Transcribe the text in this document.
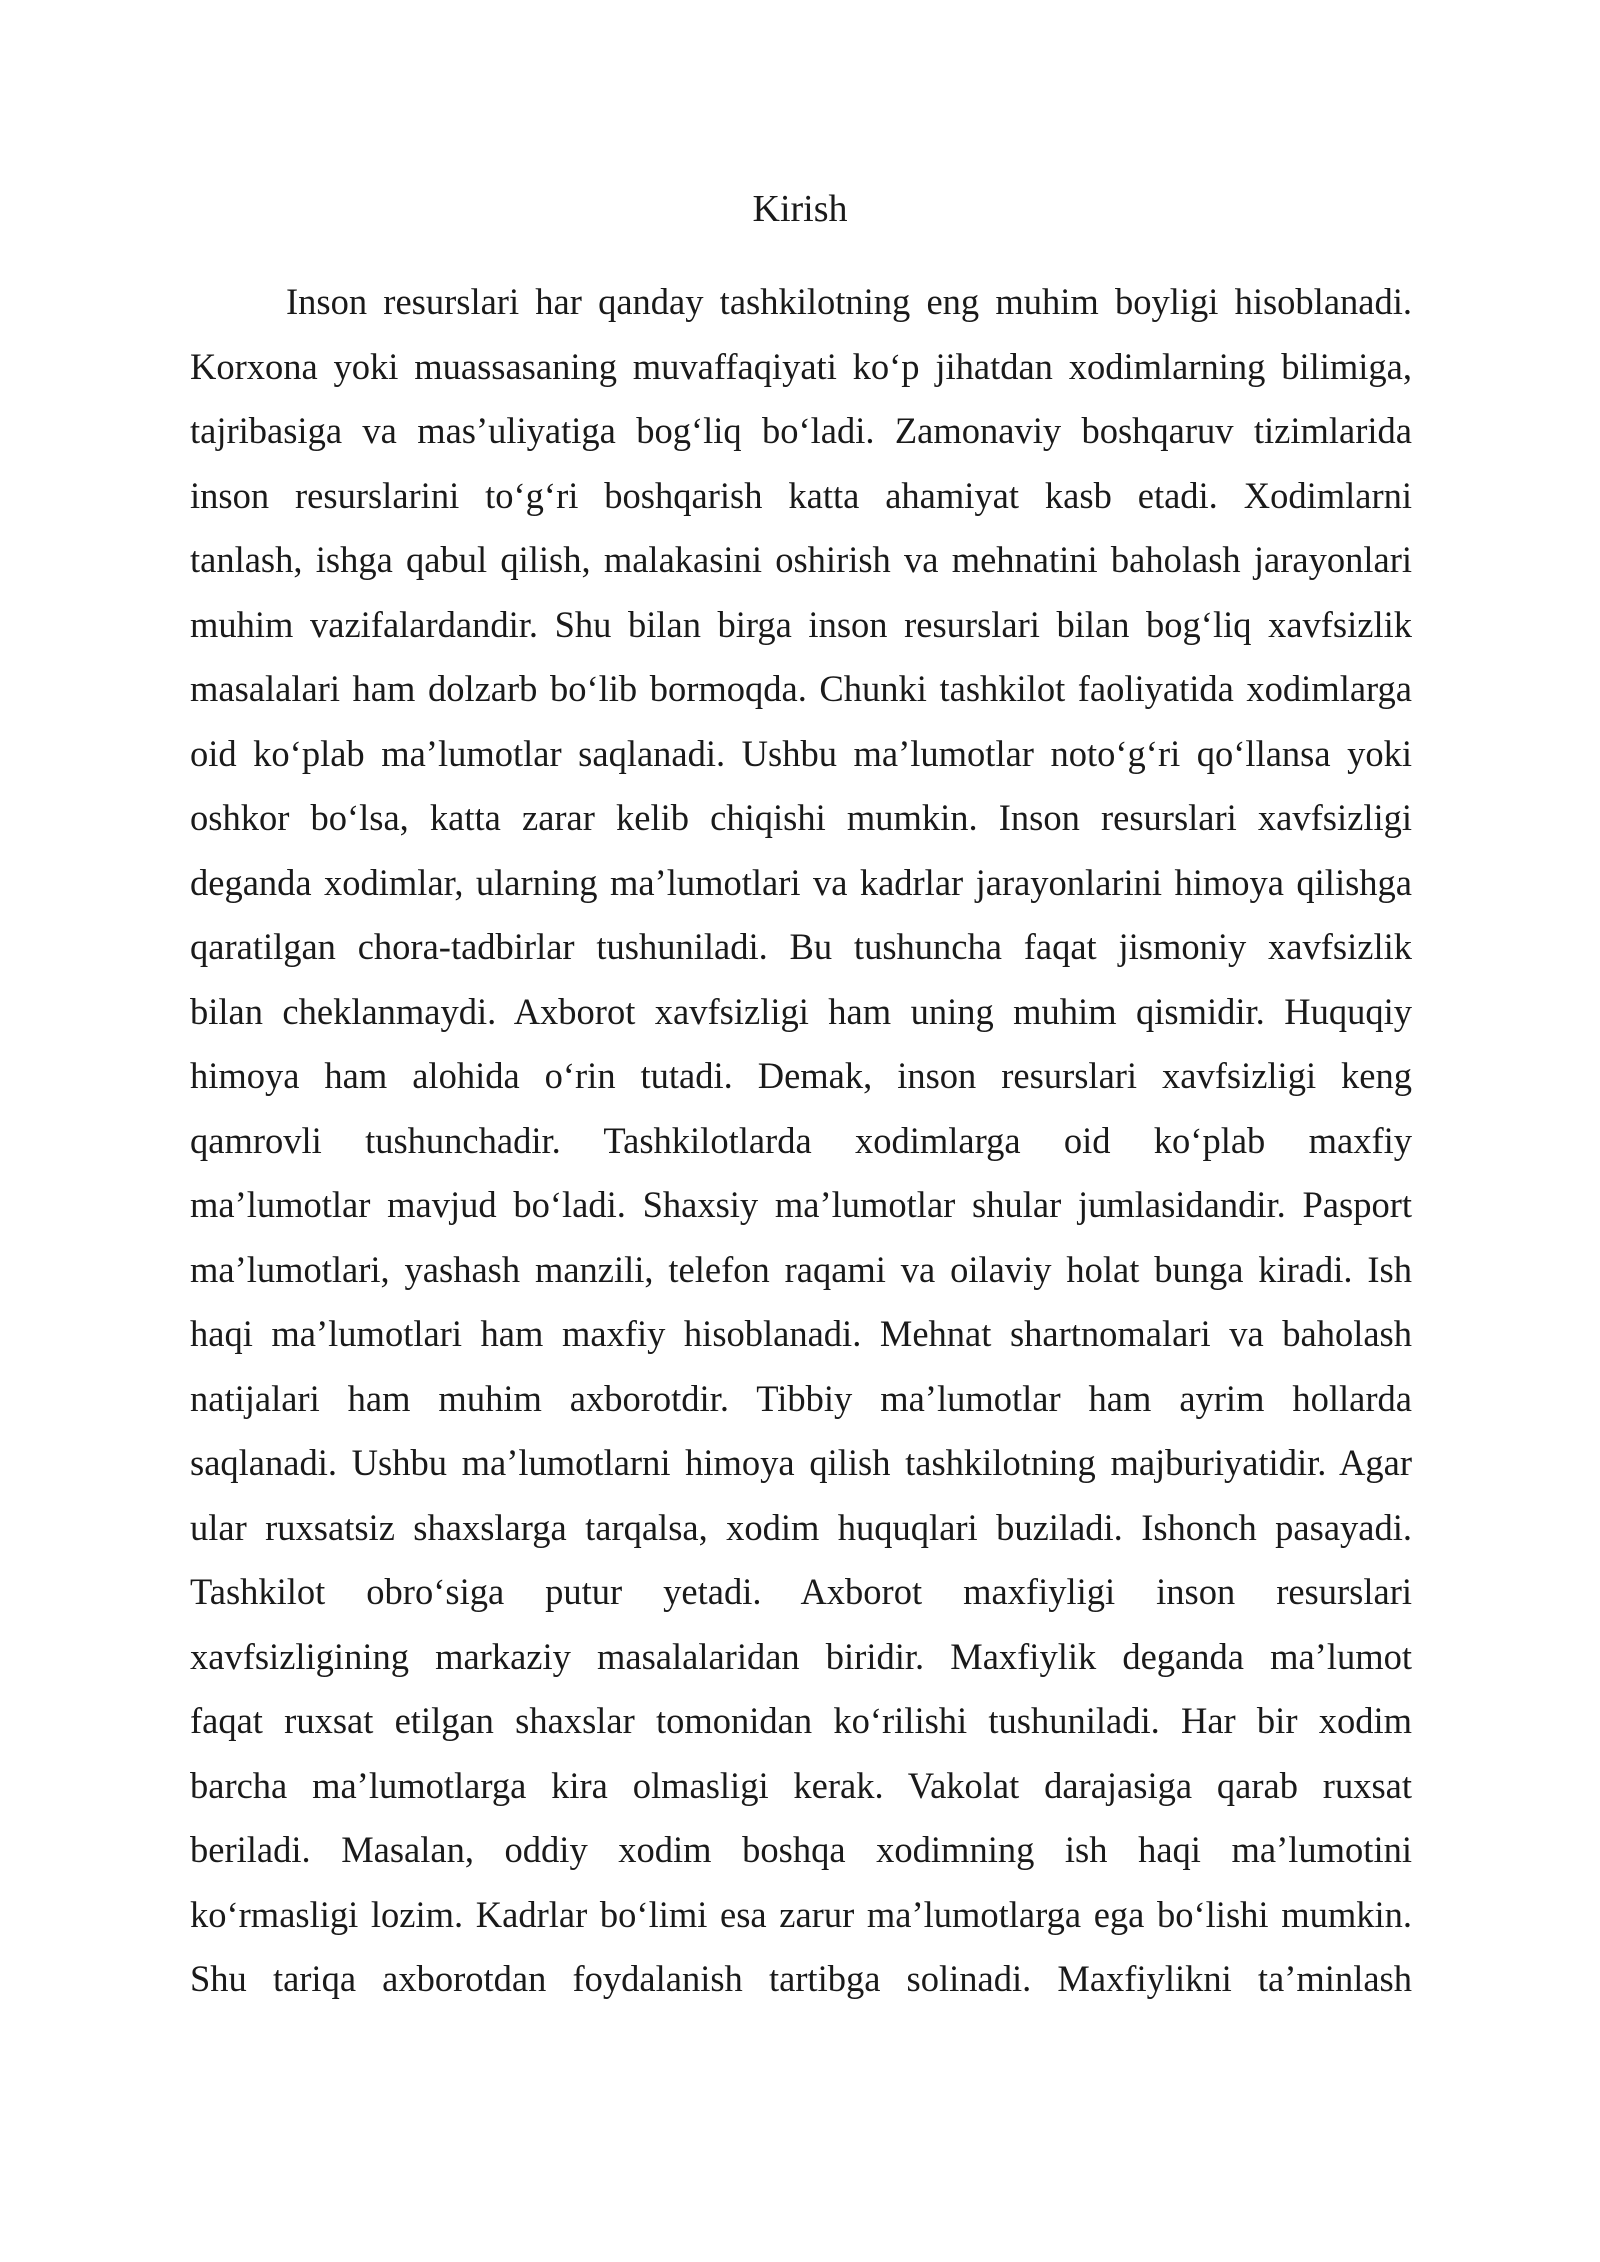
Kirish
Inson resurslari har qanday tashkilotning eng muhim boyligi hisoblanadi.
Korxona yoki muassasaning muvaffaqiyati ko‘p jihatdan xodimlarning bilimiga,
tajribasiga va mas’uliyatiga bog‘liq bo‘ladi. Zamonaviy boshqaruv tizimlarida
inson resurslarini to‘g‘ri boshqarish katta ahamiyat kasb etadi. Xodimlarni
tanlash, ishga qabul qilish, malakasini oshirish va mehnatini baholash jarayonlari
muhim vazifalardandir. Shu bilan birga inson resurslari bilan bog‘liq xavfsizlik
masalalari ham dolzarb bo‘lib bormoqda. Chunki tashkilot faoliyatida xodimlarga
oid ko‘plab ma’lumotlar saqlanadi. Ushbu ma’lumotlar noto‘g‘ri qo‘llansa yoki
oshkor bo‘lsa, katta zarar kelib chiqishi mumkin. Inson resurslari xavfsizligi
deganda xodimlar, ularning ma’lumotlari va kadrlar jarayonlarini himoya qilishga
qaratilgan chora-tadbirlar tushuniladi. Bu tushuncha faqat jismoniy xavfsizlik
bilan cheklanmaydi. Axborot xavfsizligi ham uning muhim qismidir. Huquqiy
himoya ham alohida o‘rin tutadi. Demak, inson resurslari xavfsizligi keng
qamrovli tushunchadir. Tashkilotlarda xodimlarga oid ko‘plab maxfiy
ma’lumotlar mavjud bo‘ladi. Shaxsiy ma’lumotlar shular jumlasidandir. Pasport
ma’lumotlari, yashash manzili, telefon raqami va oilaviy holat bunga kiradi. Ish
haqi ma’lumotlari ham maxfiy hisoblanadi. Mehnat shartnomalari va baholash
natijalari ham muhim axborotdir. Tibbiy ma’lumotlar ham ayrim hollarda
saqlanadi. Ushbu ma’lumotlarni himoya qilish tashkilotning majburiyatidir. Agar
ular ruxsatsiz shaxslarga tarqalsa, xodim huquqlari buziladi. Ishonch pasayadi.
Tashkilot obro‘siga putur yetadi. Axborot maxfiyligi inson resurslari
xavfsizligining markaziy masalalaridan biridir. Maxfiylik deganda ma’lumot
faqat ruxsat etilgan shaxslar tomonidan ko‘rilishi tushuniladi. Har bir xodim
barcha ma’lumotlarga kira olmasligi kerak. Vakolat darajasiga qarab ruxsat
beriladi. Masalan, oddiy xodim boshqa xodimning ish haqi ma’lumotini
ko‘rmasligi lozim. Kadrlar bo‘limi esa zarur ma’lumotlarga ega bo‘lishi mumkin.
Shu tariqa axborotdan foydalanish tartibga solinadi. Maxfiylikni ta’minlash
